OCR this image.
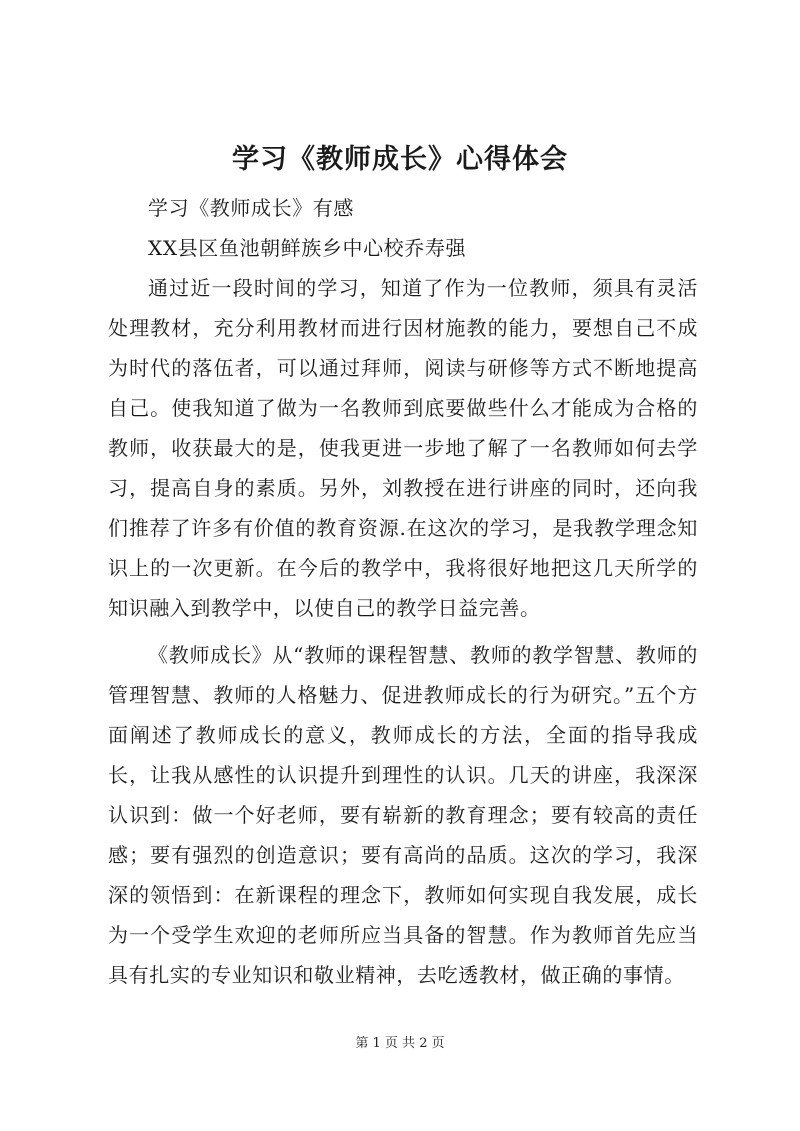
学习《教师成长》心得体会

学习《教师成长》有感

XX县区鱼池朝鲜族乡中心校乔寿强

通过近一段时间的学习，知道了作为一位教师，须具有灵活处理教材，充分利用教材而进行因材施教的能力，要想自己不成为时代的落伍者，可以通过拜师，阅读与研修等方式不断地提高自己。使我知道了做为一名教师到底要做些什么才能成为合格的教师，收获最大的是，使我更进一步地了解了一名教师如何去学习，提高自身的素质。另外，刘教授在进行讲座的同时，还向我们推荐了许多有价值的教育资源.在这次的学习，是我教学理念知识上的一次更新。在今后的教学中，我将很好地把这几天所学的知识融入到教学中，以使自己的教学日益完善。

《教师成长》从“教师的课程智慧、教师的教学智慧、教师的管理智慧、教师的人格魅力、促进教师成长的行为研究。”五个方面阐述了教师成长的意义，教师成长的方法，全面的指导我成长，让我从感性的认识提升到理性的认识。几天的讲座，我深深认识到：做一个好老师，要有崭新的教育理念；要有较高的责任感；要有强烈的创造意识；要有高尚的品质。这次的学习，我深深的领悟到：在新课程的理念下，教师如何实现自我发展，成长为一个受学生欢迎的老师所应当具备的智慧。作为教师首先应当具有扎实的专业知识和敬业精神，去吃透教材，做正确的事情。

第 1 页 共 2 页
